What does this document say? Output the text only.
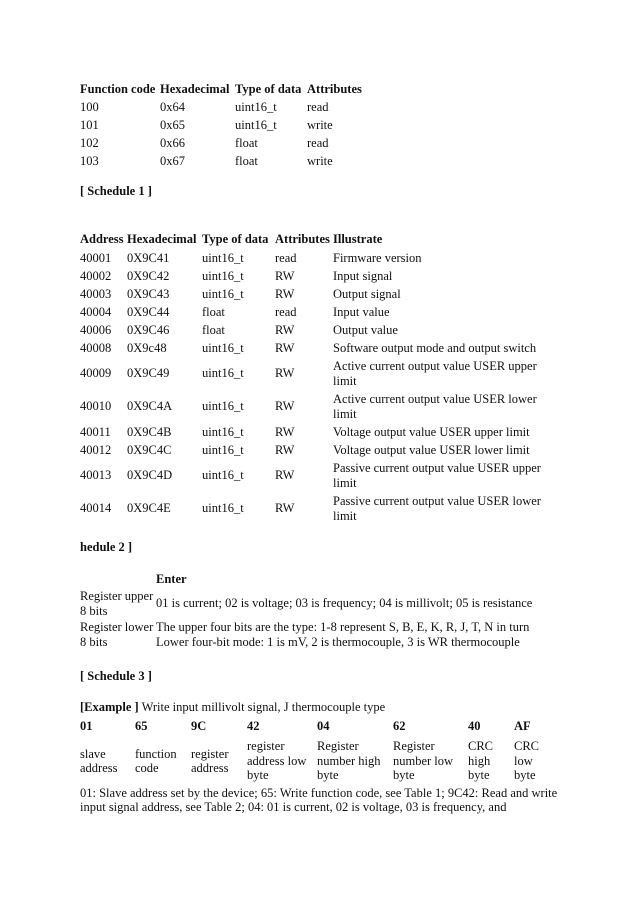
Function code	Hexadecimal	Type of data	Attributes
100	0x64	uint16_t	read
101	0x65	uint16_t	write
102	0x66	float	read
103	0x67	float	write

[ Schedule 1 ]

Address	Hexadecimal	Type of data	Attributes	Illustrate
40001	0X9C41	uint16_t	read	Firmware version
40002	0X9C42	uint16_t	RW	Input signal
40003	0X9C43	uint16_t	RW	Output signal
40004	0X9C44	float	read	Input value
40006	0X9C46	float	RW	Output value
40008	0X9c48	uint16_t	RW	Software output mode and output switch
40009	0X9C49	uint16_t	RW	Active current output value USER upper limit
40010	0X9C4A	uint16_t	RW	Active current output value USER lower limit
40011	0X9C4B	uint16_t	RW	Voltage output value USER upper limit
40012	0X9C4C	uint16_t	RW	Voltage output value USER lower limit
40013	0X9C4D	uint16_t	RW	Passive current output value USER upper limit
40014	0X9C4E	uint16_t	RW	Passive current output value USER lower limit

hedule 2 ]

	Enter
Register upper 8 bits	01 is current; 02 is voltage; 03 is frequency; 04 is millivolt; 05 is resistance
Register lower 8 bits	The upper four bits are the type: 1-8 represent S, B, E, K, R, J, T, N in turn
Lower four-bit mode: 1 is mV, 2 is thermocouple, 3 is WR thermocouple

[ Schedule 3 ]

[Example ] Write input millivolt signal, J thermocouple type

01	65	9C	42	04	62	40	AF
slave address	function code	register address	register address low byte	Register number high byte	Register number low byte	CRC high byte	CRC low byte

01: Slave address set by the device; 65: Write function code, see Table 1; 9C42: Read and write input signal address, see Table 2; 04: 01 is current, 02 is voltage, 03 is frequency, and
